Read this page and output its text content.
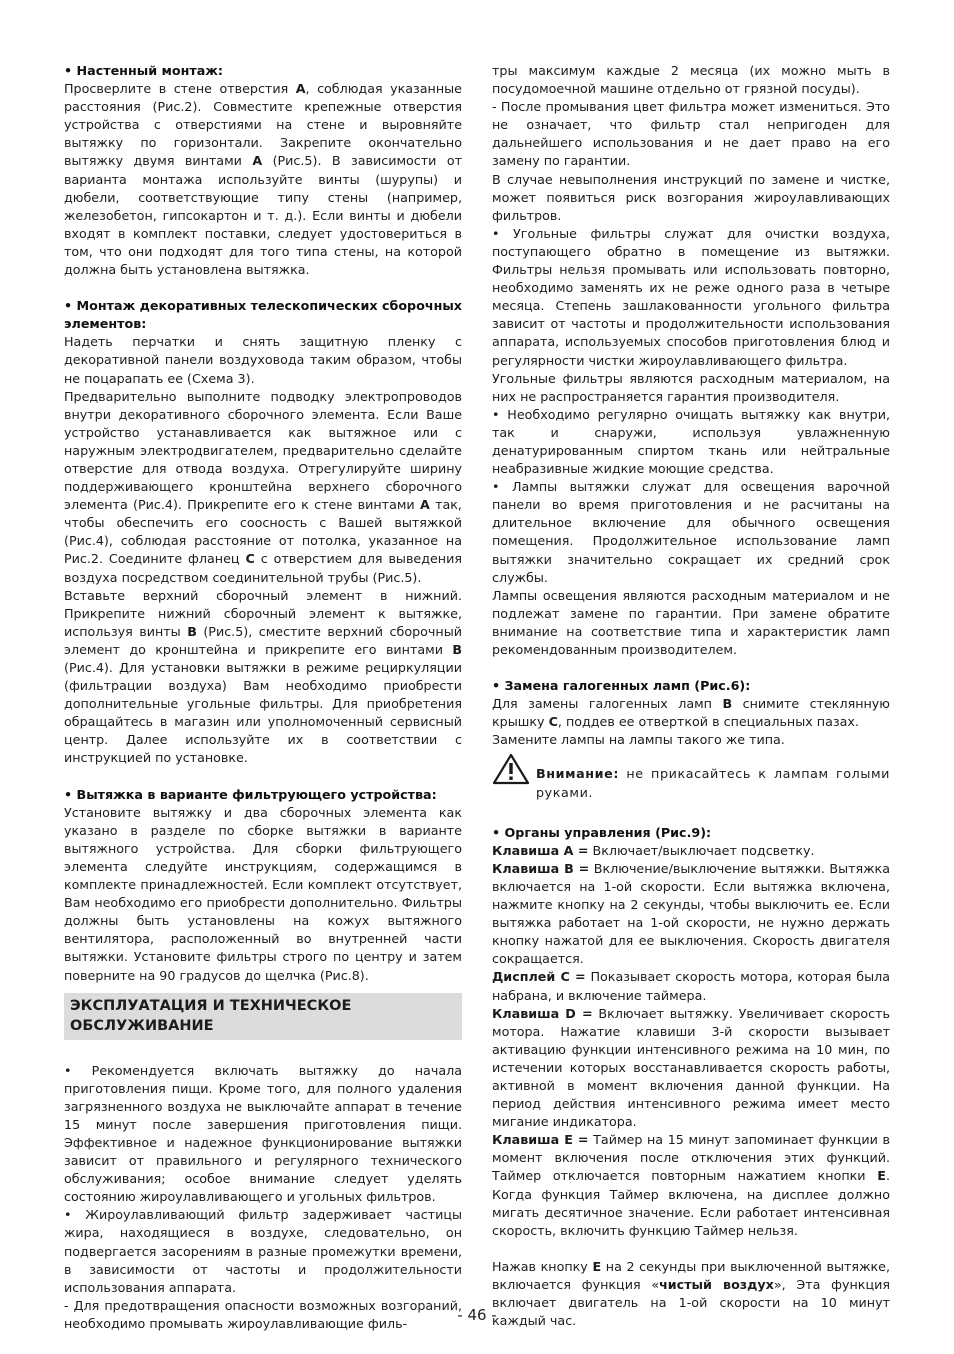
• Настенный монтаж:

Просверлите в стене отверстия A, соблюдая указанные расстояния (Рис.2). Совместите крепежные отверстия устройства с отверстиями на стене и выровняйте вытяжку по горизонтали. Закрепите окончательно вытяжку двумя винтами A (Рис.5). В зависимости от варианта монтажа используйте винты (шурупы) и дюбели, соответствующие типу стены (например, железобетон, гипсокартон и т. д.). Если винты и дюбели входят в комплект поставки, следует удостовериться в том, что они подходят для того типа стены, на которой должна быть установлена вытяжка.

• Монтаж декоративных телескопических сборочных элементов:

Надеть перчатки и снять защитную пленку с декоративной панели воздуховода таким образом, чтобы не поцарапать ее (Схема 3).

Предварительно выполните подводку электропроводов внутри декоративного сборочного элемента. Если Ваше устройство устанавливается как вытяжное или с наружным электродвигателем, предварительно сделайте отверстие для отвода воздуха. Отрегулируйте ширину поддерживающего кронштейна верхнего сборочного элемента (Рис.4). Прикрепите его к стене винтами A так, чтобы обеспечить его соосность с Вашей вытяжкой (Рис.4), соблюдая расстояние от потолка, указанное на Рис.2. Соедините фланец C с отверстием для выведения воздуха посредством соединительной трубы (Рис.5).

Вставьте верхний сборочный элемент в нижний. Прикрепите нижний сборочный элемент к вытяжке, используя винты B (Рис.5), сместите верхний сборочный элемент до кронштейна и прикрепите его винтами B (Рис.4). Для установки вытяжки в режиме рециркуляции (фильтрации воздуха) Вам необходимо приобрести дополнительные угольные фильтры. Для приобретения обращайтесь в магазин или уполномоченный сервисный центр. Далее используйте их в соответствии с инструкцией по установке.

• Вытяжка в варианте фильтрующего устройства:

Установите вытяжку и два сборочных элемента как указано в разделе по сборке вытяжки в варианте вытяжного устройства. Для сборки фильтрующего элемента следуйте инструкциям, содержащимся в комплекте принадлежностей. Если комплект отсутствует, Вам необходимо его приобрести дополнительно. Фильтры должны быть установлены на кожух вытяжного вентилятора, расположенный во внутренней части вытяжки. Установите фильтры строго по центру и затем поверните на 90 градусов до щелчка (Рис.8).

ЭКСПЛУАТАЦИЯ И ТЕХНИЧЕСКОЕ
ОБСЛУЖИВАНИЕ

• Рекомендуется включать вытяжку до начала приготовления пищи. Кроме того, для полного удаления загрязненного воздуха не выключайте аппарат в течение 15 минут после завершения приготовления пищи. Эффективное и надежное функционирование вытяжки зависит от правильного и регулярного технического обслуживания; особое внимание следует уделять состоянию жироулавливающего и угольных фильтров.

• Жироулавливающий фильтр задерживает частицы жира, находящиеся в воздухе, следовательно, он подвергается засорениям в разные промежутки времени, в зависимости от частоты и продолжительности использования аппарата.

- Для предотвращения опасности возможных возгораний, необходимо промывать жироулавливающие филь-

тры максимум каждые 2 месяца (их можно мыть в посудомоечной машине отдельно от грязной посуды).

- После промывания цвет фильтра может измениться. Это не означает, что фильтр стал непригоден для дальнейшего использования и не дает право на его замену по гарантии.

В случае невыполнения инструкций по замене и чистке, может появиться риск возгорания жироулавливающих фильтров.

• Угольные фильтры служат для очистки воздуха, поступающего обратно в помещение из вытяжки. Фильтры нельзя промывать или использовать повторно, необходимо заменять их не реже одного раза в четыре месяца. Степень зашлакованности угольного фильтра зависит от частоты и продолжительности использования аппарата, используемых способов приготовления блюд и регулярности чистки жироулавливающего фильтра.

Угольные фильтры являются расходным материалом, на них не распространяется гарантия производителя.

• Необходимо регулярно очищать вытяжку как внутри, так и снаружи, используя увлажненную денатурированным спиртом ткань или нейтральные неабразивные жидкие моющие средства.

• Лампы вытяжки служат для освещения варочной панели во время приготовления и не расчитаны на длительное включение для обычного освещения помещения. Продолжительное использование ламп вытяжки значительно сокращает их средний срок службы.

Лампы освещения являются расходным материалом и не подлежат замене по гарантии. При замене обратите внимание на соответствие типа и характеристик ламп рекомендованным производителем.

• Замена галогенных ламп (Рис.6):

Для замены галогенных ламп B снимите стеклянную крышку C, поддев ее отверткой в специальных пазах.

Замените лампы на лампы такого же типа.

Внимание: не прикасайтесь к лампам голыми руками.

• Органы управления (Рис.9):

Клавиша A = Включает/выключает подсветку.

Клавиша B = Включение/выключение вытяжки. Вытяжка включается на 1-ой скорости. Если вытяжка включена, нажмите кнопку на 2 секунды, чтобы выключить ее. Если вытяжка работает на 1-ой скорости, не нужно держать кнопку нажатой для ее выключения. Скорость двигателя сокращается.

Дисплей C = Показывает скорость мотора, которая была набрана, и включение таймера.

Клавиша D = Включает вытяжку. Увеличивает скорость мотора. Нажатие клавиши 3-й скорости вызывает активацию функции интенсивного режима на 10 мин, по истечении которых восстанавливается скорость работы, активной в момент включения данной функции. На период действия интенсивного режима имеет место мигание индикатора.

Клавиша E = Таймер на 15 минут запоминает функции в момент включения после отключения этих функций. Таймер отключается повторным нажатием кнопки E. Когда функция Таймер включена, на дисплее должно мигать десятичное значение. Если работает интенсивная скорость, включить функцию Таймер нельзя.

Нажав кнопку E на 2 секунды при выключенной вытяжке, включается функция «чистый воздух», Эта функция включает двигатель на 1-ой скорости на 10 минут каждый час.

- 46 -
